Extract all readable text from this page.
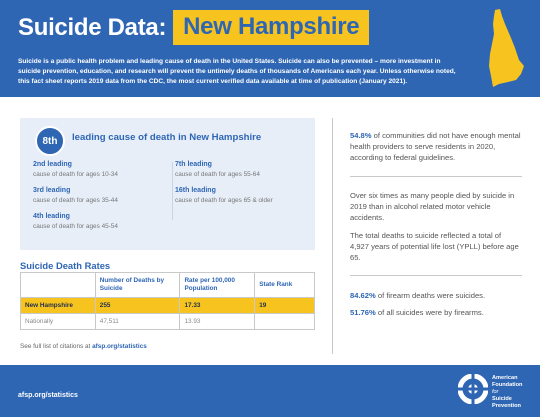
Suicide Data: New Hampshire

Suicide is a public health problem and leading cause of death in the United States. Suicide can also be prevented – more investment in suicide prevention, education, and research will prevent the untimely deaths of thousands of Americans each year. Unless otherwise noted, this fact sheet reports 2019 data from the CDC, the most current verified data available at time of publication (January 2021).

8th	leading cause of death in New Hampshire
2nd leading
cause of death for ages 10-34
3rd leading
cause of death for ages 35-44
4th leading
cause of death for ages 45-54
7th leading
cause of death for ages 55-64
16th leading
cause of death for ages 65 & older
Suicide Death Rates
	Number of Deaths by Suicide	Rate per 100,000 Population	State Rank
New Hampshire	255	17.33	19
Nationally	47,511	13.93	
See full list of citations at afsp.org/statistics
54.8% of communities did not have enough mental health providers to serve residents in 2020, according to federal guidelines.
Over six times as many people died by suicide in 2019 than in alcohol related motor vehicle accidents.
The total deaths to suicide reflected a total of 4,927 years of potential life lost (YPLL) before age 65.
84.62% of firearm deaths were suicides.
51.76% of all suicides were by firearms.
afsp.org/statistics
American
Foundation
for
Suicide
Prevention
